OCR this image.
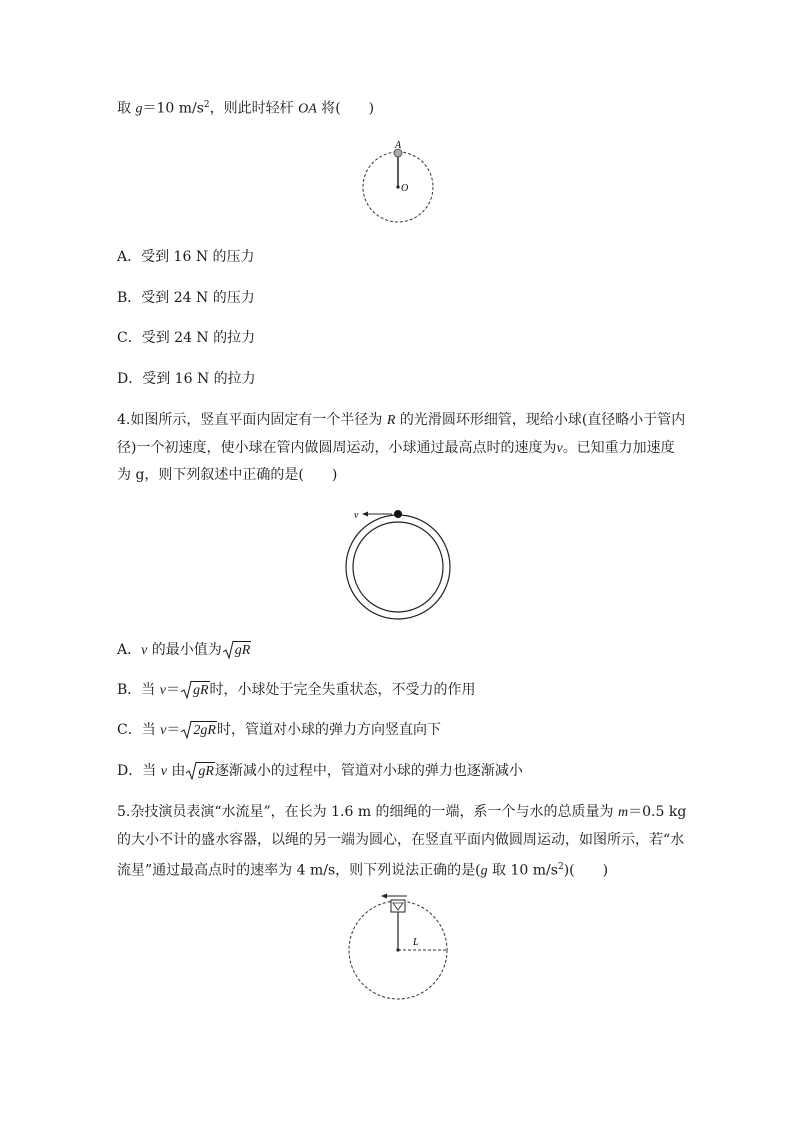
取 g＝10 $m/s^2$，则此时轻杆 OA 将(　　)
A
O
A．受到 16 N 的压力
B．受到 24 N 的压力
C．受到 24 N 的拉力
D．受到 16 N 的拉力
4.如图所示，竖直平面内固定有一个半径为 R 的光滑圆环形细管，现给小球(直径略小于管内
径)一个初速度，使小球在管内做圆周运动，小球通过最高点时的速度为v。已知重力加速度
为 g，则下列叙述中正确的是(　　)
v
A．v 的最小值为 gR
B．当 v＝ gR时，小球处于完全失重状态，不受力的作用
C．当 v＝ 2gR时，管道对小球的弹力方向竖直向下
D．当 v 由 gR逐渐减小的过程中，管道对小球的弹力也逐渐减小
5.杂技演员表演“水流星”，在长为 1.6 m 的细绳的一端，系一个与水的总质量为 m＝0.5 kg
的大小不计的盛水容器，以绳的另一端为圆心，在竖直平面内做圆周运动，如图所示，若“水
流星”通过最高点时的速率为 4 m/s，则下列说法正确的是(g 取 10 $m/s^2$)(　　)
L
